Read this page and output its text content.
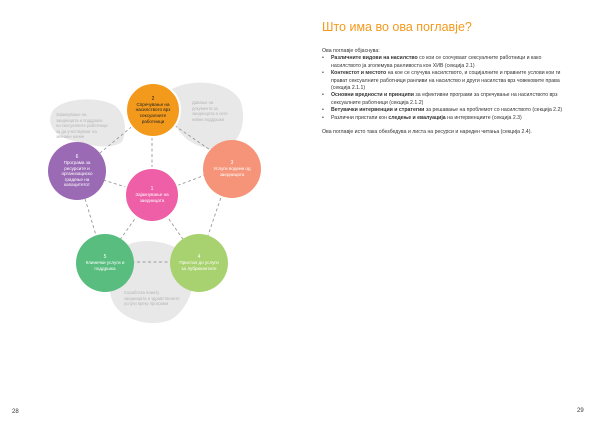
Зајакнување на заедницата и поддршка на сексуалните работници за да учествуваат на значаен начин
Давање на документи за заедницата и сите нивни поддршки
Соработка помеѓу заедницата и здравствените услуги преку програми
2
Спречување на насилството врз сексуалните работници
3
Услуги водени од заедницата
4
Пристап до услуги за лубрикантите
5
Клинички услуги и поддршка
6
Програма за ресурсите и организациско градење на капацитетот
1
Зајакнување на заедницата
28
Што има во ова поглавје?

Ова поглавје објаснува:

• Различните видови на насилство со кои се соочуваат сексуалните работници и како насилството ја зголемува ранливоста кон ХИВ (секција 2.1)

• Контекстот и местото на кое се случува насилството, и социјалните и правните услови кои ги прават сексуалните работници ранливи на насилство и други насилства врз човековите права (секција 2.1.1)

• Основни вредности и принципи за ефективни програми за спречување на насилството врз сексуалните работници (секција 2.1.2)

• Ветувачки интервенции и стратегии за решавање на проблемот со насилството (секција 2.2)

• Различни пристапи кон следење и евалуација на интервенциите (секција 2.3)

Ова поглавје исто така обезбедува и листа на ресурси и нареден читања (секција 2.4).

29
